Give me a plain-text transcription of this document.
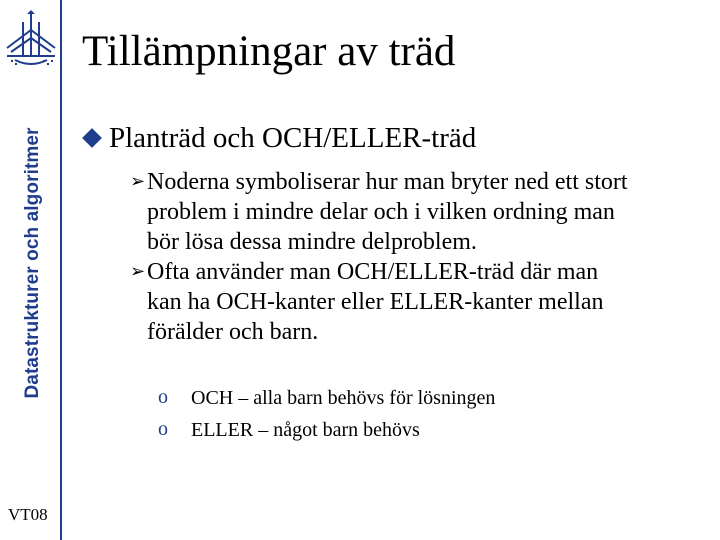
Datastrukturer och algoritmer
VT08
Tillämpningar av träd
Planträd och OCH/ELLER-träd
➢ Noderna symboliserar hur man bryter ned ett stort
problem i mindre delar och i vilken ordning man
bör lösa dessa mindre delproblem.
➢ Ofta använder man OCH/ELLER-träd där man
kan ha OCH-kanter eller ELLER-kanter mellan
förälder och barn.
o OCH – alla barn behövs för lösningen
o ELLER – något barn behövs
